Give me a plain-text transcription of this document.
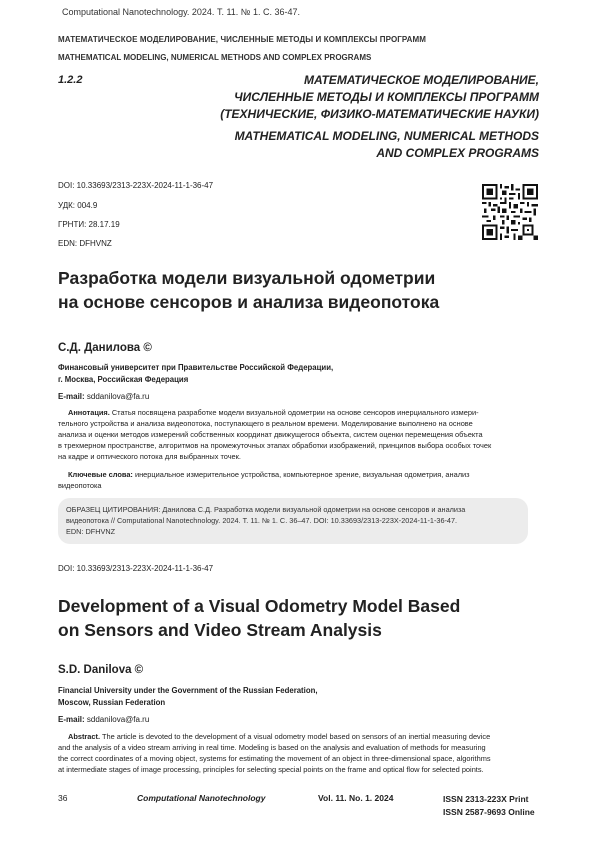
Computational Nanotechnology. 2024. Т. 11. № 1. С. 36-47.
МАТЕМАТИЧЕСКОЕ МОДЕЛИРОВАНИЕ, ЧИСЛЕННЫЕ МЕТОДЫ И КОМПЛЕКСЫ ПРОГРАММ
MATHEMATICAL MODELING, NUMERICAL METHODS AND COMPLEX PROGRAMS
1.2.2	МАТЕМАТИЧЕСКОЕ МОДЕЛИРОВАНИЕ,
ЧИСЛЕННЫЕ МЕТОДЫ И КОМПЛЕКСЫ ПРОГРАММ
(ТЕХНИЧЕСКИЕ, ФИЗИКО-МАТЕМАТИЧЕСКИЕ НАУКИ)
MATHEMATICAL MODELING, NUMERICAL METHODS
AND COMPLEX PROGRAMS
DOI: 10.33693/2313-223X-2024-11-1-36-47
УДК: 004.9
ГРНТИ: 28.17.19
EDN: DFHVNZ
Разработка модели визуальной одометрии
на основе сенсоров и анализа видеопотока
С.Д. Данилова ©
Финансовый университет при Правительстве Российской Федерации,
г. Москва, Российская Федерация
E-mail: sddanilova@fa.ru
Аннотация. Статья посвящена разработке модели визуальной одометрии на основе сенсоров инерциального измери-
тельного устройства и анализа видеопотока, поступающего в реальном времени. Моделирование выполнено на основе
анализа и оценки методов измерений собственных координат движущегося объекта, систем оценки перемещения объекта
в трехмерном пространстве, алгоритмов на промежуточных этапах обработки изображений, принципов выбора особых точек
на кадре и оптического потока для выбранных точек.
Ключевые слова: инерциальное измерительное устройства, компьютерное зрение, визуальная одометрия, анализ
видеопотока
ОБРАЗЕЦ ЦИТИРОВАНИЯ: Данилова С.Д. Разработка модели визуальной одометрии на основе сенсоров и анализа
видеопотока // Computational Nanotechnology. 2024. Т. 11. № 1. С. 36–47. DOI: 10.33693/2313-223X-2024-11-1-36-47.
EDN: DFHVNZ
DOI: 10.33693/2313-223X-2024-11-1-36-47
Development of a Visual Odometry Model Based
on Sensors and Video Stream Analysis
S.D. Danilova ©
Financial University under the Government of the Russian Federation,
Moscow, Russian Federation
E-mail: sddanilova@fa.ru
Abstract. The article is devoted to the development of a visual odometry model based on sensors of an inertial measuring device
and the analysis of a video stream arriving in real time. Modeling is based on the analysis and evaluation of methods for measuring
the correct coordinates of a moving object, systems for estimating the movement of an object in three-dimensional space, algorithms
at intermediate stages of image processing, principles for selecting special points on the frame and optical flow for selected points.
36	Computational Nanotechnology	Vol. 11. No. 1. 2024	ISSN 2313-223X Print
ISSN 2587-9693 Online
